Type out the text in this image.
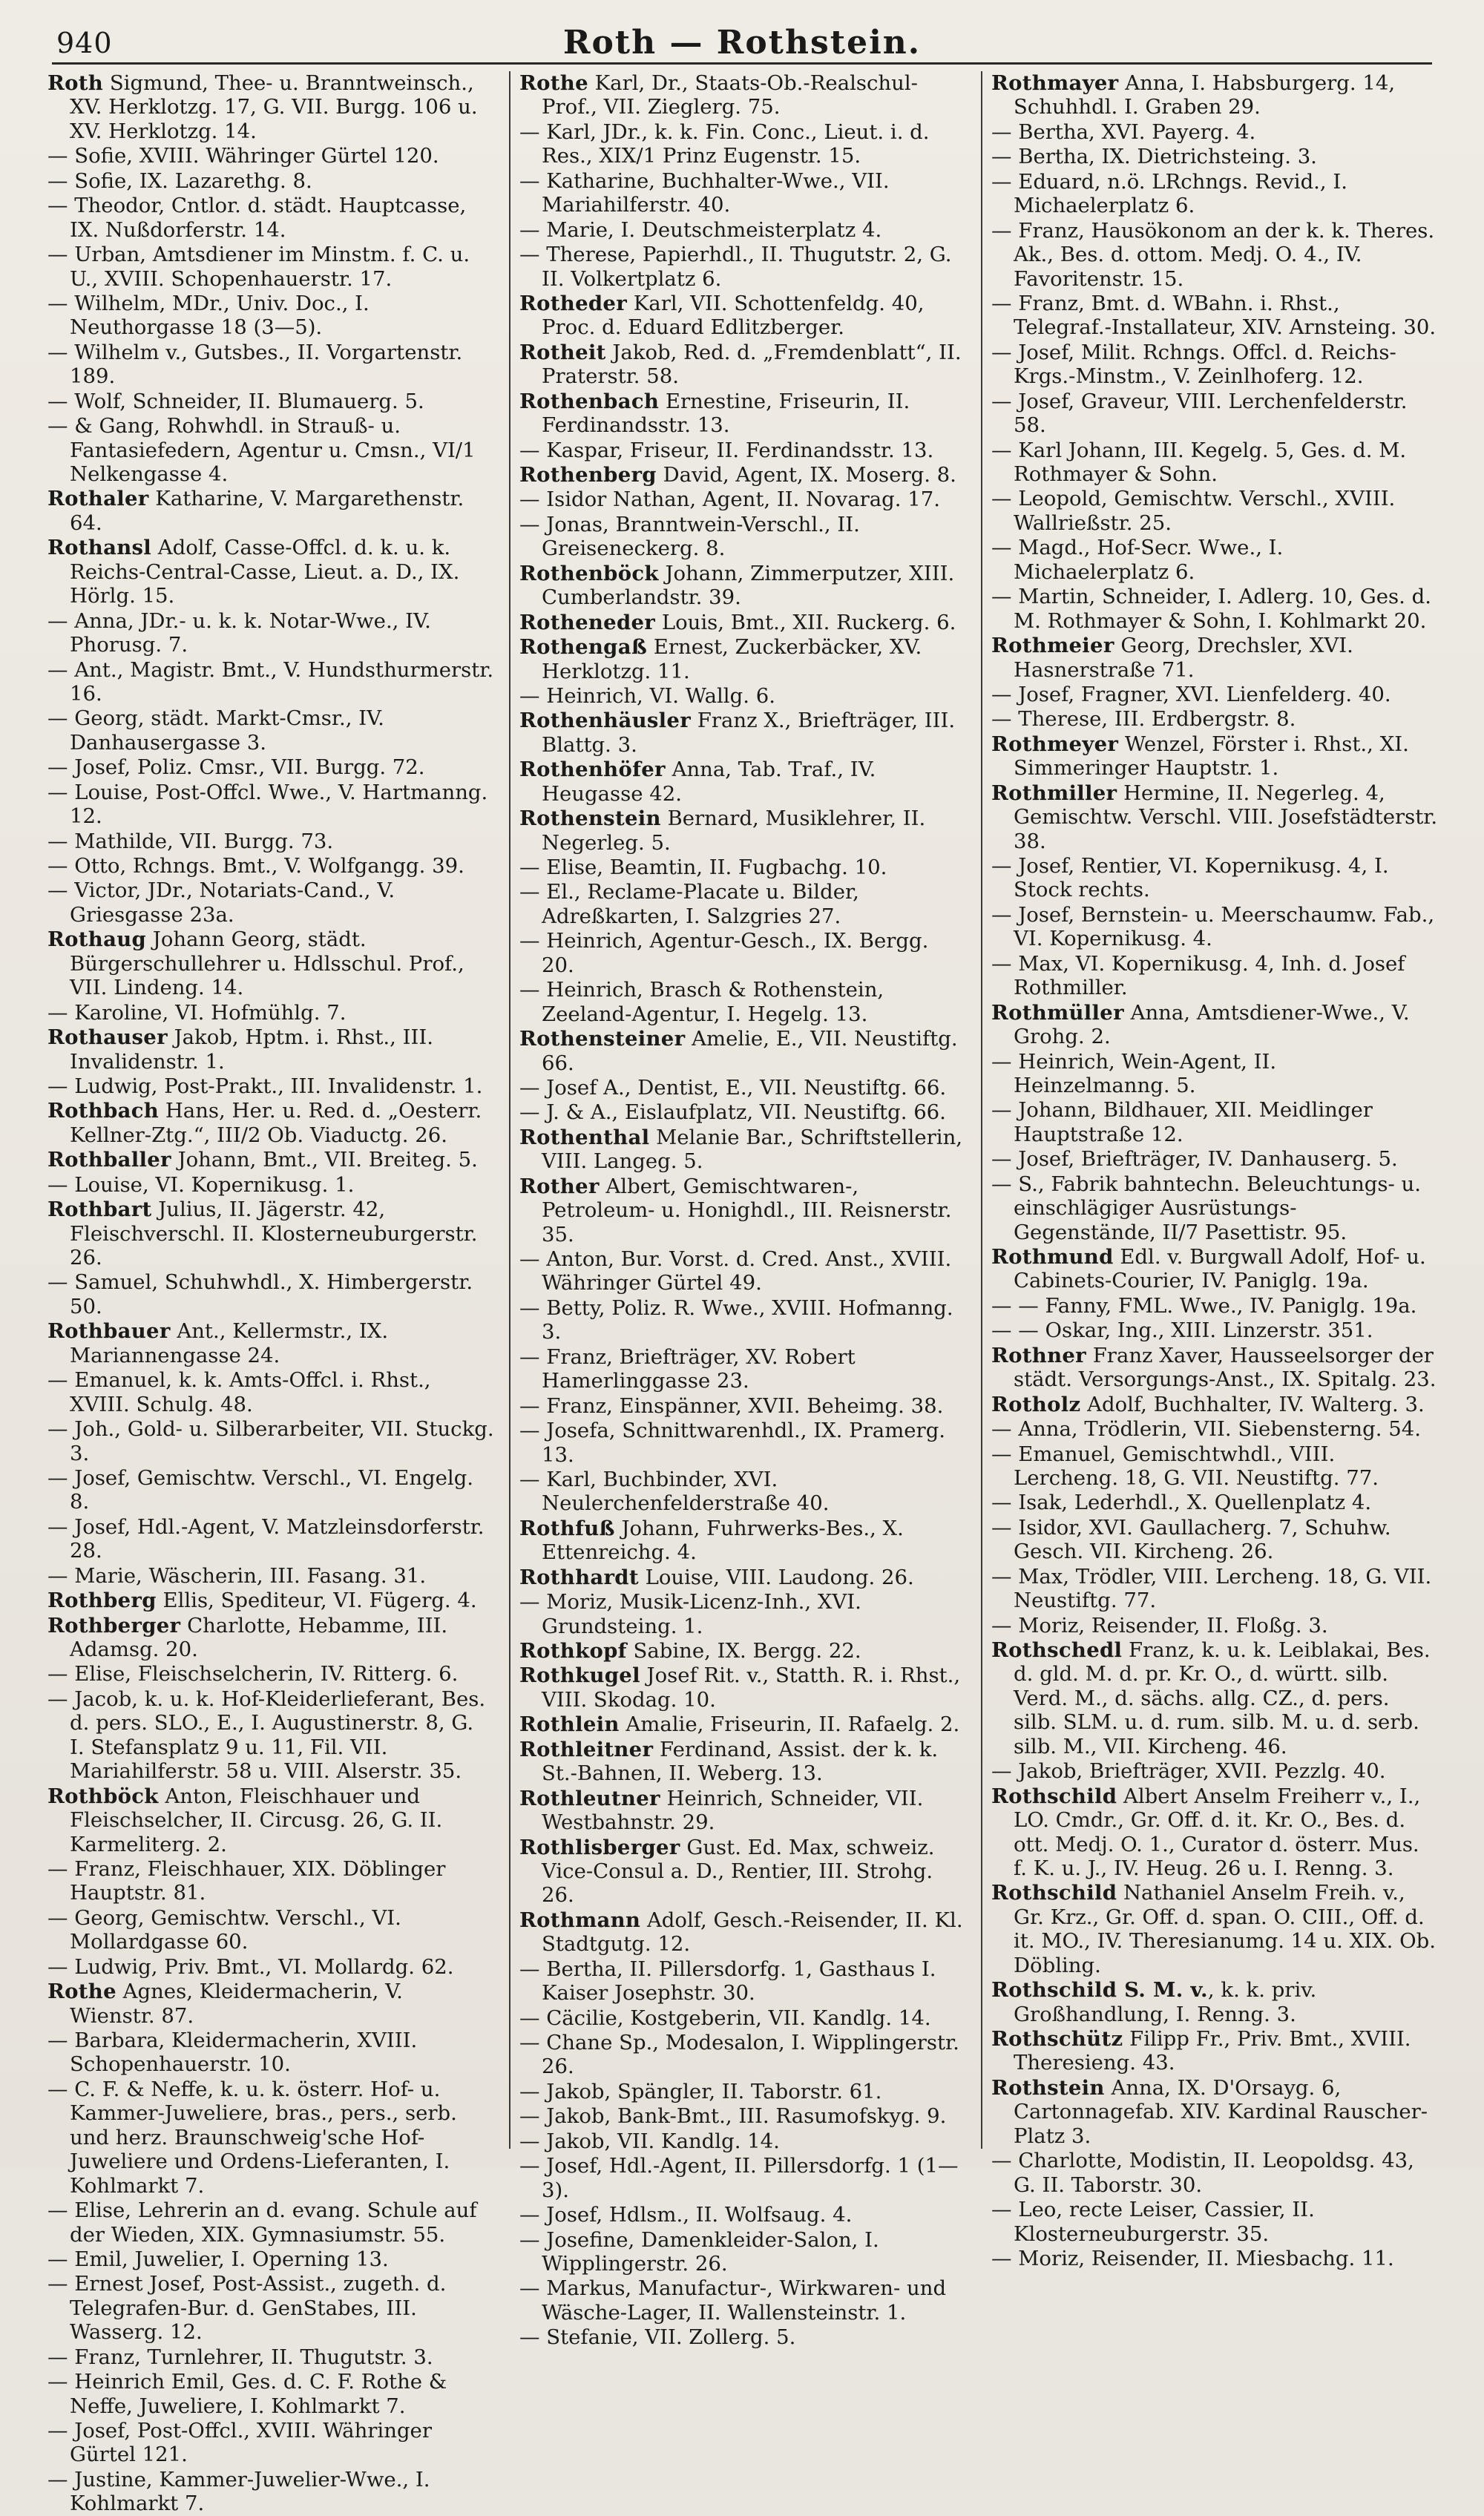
940	Roth — Rothstein.
Roth Sigmund, Thee- u. Branntweinsch., XV. Herklotzg. 17, G. VII. Burgg. 106 u. XV. Herklotzg. 14.
— Sofie, XVIII. Währinger Gürtel 120.
— Sofie, IX. Lazarethg. 8.
— Theodor, Cntlor. d. städt. Hauptcasse, IX. Nußdorferstr. 14.
— Urban, Amtsdiener im Minstm. f. C. u. U., XVIII. Schopenhauerstr. 17.
— Wilhelm, MDr., Univ. Doc., I. Neuthorgasse 18 (3—5).
— Wilhelm v., Gutsbes., II. Vorgartenstr. 189.
— Wolf, Schneider, II. Blumauerg. 5.
— & Gang, Rohwhdl. in Strauß- u. Fantasiefedern, Agentur u. Cmsn., VI/1 Nelkengasse 4.
Rothaler Katharine, V. Margarethenstr. 64.
Rothansl Adolf, Casse-Offcl. d. k. u. k. Reichs-Central-Casse, Lieut. a. D., IX. Hörlg. 15.
— Anna, JDr.- u. k. k. Notar-Wwe., IV. Phorusg. 7.
— Ant., Magistr. Bmt., V. Hundsthurmerstr. 16.
— Georg, städt. Markt-Cmsr., IV. Danhausergasse 3.
— Josef, Poliz. Cmsr., VII. Burgg. 72.
— Louise, Post-Offcl. Wwe., V. Hartmanng. 12.
— Mathilde, VII. Burgg. 73.
— Otto, Rchngs. Bmt., V. Wolfgangg. 39.
— Victor, JDr., Notariats-Cand., V. Griesgasse 23a.
Rothaug Johann Georg, städt. Bürgerschullehrer u. Hdlsschul. Prof., VII. Lindeng. 14.
— Karoline, VI. Hofmühlg. 7.
Rothauser Jakob, Hptm. i. Rhst., III. Invalidenstr. 1.
— Ludwig, Post-Prakt., III. Invalidenstr. 1.
Rothbach Hans, Her. u. Red. d. „Oesterr. Kellner-Ztg.“, III/2 Ob. Viaductg. 26.
Rothballer Johann, Bmt., VII. Breiteg. 5.
— Louise, VI. Kopernikusg. 1.
Rothbart Julius, II. Jägerstr. 42, Fleischverschl. II. Klosterneuburgerstr. 26.
— Samuel, Schuhwhdl., X. Himbergerstr. 50.
Rothbauer Ant., Kellermstr., IX. Mariannengasse 24.
— Emanuel, k. k. Amts-Offcl. i. Rhst., XVIII. Schulg. 48.
— Joh., Gold- u. Silberarbeiter, VII. Stuckg. 3.
— Josef, Gemischtw. Verschl., VI. Engelg. 8.
— Josef, Hdl.-Agent, V. Matzleinsdorferstr. 28.
— Marie, Wäscherin, III. Fasang. 31.
Rothberg Ellis, Spediteur, VI. Fügerg. 4.
Rothberger Charlotte, Hebamme, III. Adamsg. 20.
— Elise, Fleischselcherin, IV. Ritterg. 6.
— Jacob, k. u. k. Hof-Kleiderlieferant, Bes. d. pers. SLO., E., I. Augustinerstr. 8, G. I. Stefansplatz 9 u. 11, Fil. VII. Mariahilferstr. 58 u. VIII. Alserstr. 35.
Rothböck Anton, Fleischhauer und Fleischselcher, II. Circusg. 26, G. II. Karmeliterg. 2.
— Franz, Fleischhauer, XIX. Döblinger Hauptstr. 81.
— Georg, Gemischtw. Verschl., VI. Mollardgasse 60.
— Ludwig, Priv. Bmt., VI. Mollardg. 62.
Rothe Agnes, Kleidermacherin, V. Wienstr. 87.
— Barbara, Kleidermacherin, XVIII. Schopenhauerstr. 10.
— C. F. & Neffe, k. u. k. österr. Hof- u. Kammer-Juweliere, bras., pers., serb. und herz. Braunschweig'sche Hof-Juweliere und Ordens-Lieferanten, I. Kohlmarkt 7.
— Elise, Lehrerin an d. evang. Schule auf der Wieden, XIX. Gymnasiumstr. 55.
— Emil, Juwelier, I. Operning 13.
— Ernest Josef, Post-Assist., zugeth. d. Telegrafen-Bur. d. GenStabes, III. Wasserg. 12.
— Franz, Turnlehrer, II. Thugutstr. 3.
— Heinrich Emil, Ges. d. C. F. Rothe & Neffe, Juweliere, I. Kohlmarkt 7.
— Josef, Post-Offcl., XVIII. Währinger Gürtel 121.
— Justine, Kammer-Juwelier-Wwe., I. Kohlmarkt 7.
Rothe Karl, Dr., Staats-Ob.-Realschul-Prof., VII. Zieglerg. 75.
— Karl, JDr., k. k. Fin. Conc., Lieut. i. d. Res., XIX/1 Prinz Eugenstr. 15.
— Katharine, Buchhalter-Wwe., VII. Mariahilferstr. 40.
— Marie, I. Deutschmeisterplatz 4.
— Therese, Papierhdl., II. Thugutstr. 2, G. II. Volkertplatz 6.
Rotheder Karl, VII. Schottenfeldg. 40, Proc. d. Eduard Edlitzberger.
Rotheit Jakob, Red. d. „Fremdenblatt“, II. Praterstr. 58.
Rothenbach Ernestine, Friseurin, II. Ferdinandsstr. 13.
— Kaspar, Friseur, II. Ferdinandsstr. 13.
Rothenberg David, Agent, IX. Moserg. 8.
— Isidor Nathan, Agent, II. Novarag. 17.
— Jonas, Branntwein-Verschl., II. Greiseneckerg. 8.
Rothenböck Johann, Zimmerputzer, XIII. Cumberlandstr. 39.
Rotheneder Louis, Bmt., XII. Ruckerg. 6.
Rothengaß Ernest, Zuckerbäcker, XV. Herklotzg. 11.
— Heinrich, VI. Wallg. 6.
Rothenhäusler Franz X., Briefträger, III. Blattg. 3.
Rothenhöfer Anna, Tab. Traf., IV. Heugasse 42.
Rothenstein Bernard, Musiklehrer, II. Negerleg. 5.
— Elise, Beamtin, II. Fugbachg. 10.
— El., Reclame-Placate u. Bilder, Adreßkarten, I. Salzgries 27.
— Heinrich, Agentur-Gesch., IX. Bergg. 20.
— Heinrich, Brasch & Rothenstein, Zeeland-Agentur, I. Hegelg. 13.
Rothensteiner Amelie, E., VII. Neustiftg. 66.
— Josef A., Dentist, E., VII. Neustiftg. 66.
— J. & A., Eislaufplatz, VII. Neustiftg. 66.
Rothenthal Melanie Bar., Schriftstellerin, VIII. Langeg. 5.
Rother Albert, Gemischtwaren-, Petroleum- u. Honighdl., III. Reisnerstr. 35.
— Anton, Bur. Vorst. d. Cred. Anst., XVIII. Währinger Gürtel 49.
— Betty, Poliz. R. Wwe., XVIII. Hofmanng. 3.
— Franz, Briefträger, XV. Robert Hamerlinggasse 23.
— Franz, Einspänner, XVII. Beheimg. 38.
— Josefa, Schnittwarenhdl., IX. Pramerg. 13.
— Karl, Buchbinder, XVI. Neulerchenfelderstraße 40.
Rothfuß Johann, Fuhrwerks-Bes., X. Ettenreichg. 4.
Rothhardt Louise, VIII. Laudong. 26.
— Moriz, Musik-Licenz-Inh., XVI. Grundsteing. 1.
Rothkopf Sabine, IX. Bergg. 22.
Rothkugel Josef Rit. v., Statth. R. i. Rhst., VIII. Skodag. 10.
Rothlein Amalie, Friseurin, II. Rafaelg. 2.
Rothleitner Ferdinand, Assist. der k. k. St.-Bahnen, II. Weberg. 13.
Rothleutner Heinrich, Schneider, VII. Westbahnstr. 29.
Rothlisberger Gust. Ed. Max, schweiz. Vice-Consul a. D., Rentier, III. Strohg. 26.
Rothmann Adolf, Gesch.-Reisender, II. Kl. Stadtgutg. 12.
— Bertha, II. Pillersdorfg. 1, Gasthaus I. Kaiser Josephstr. 30.
— Cäcilie, Kostgeberin, VII. Kandlg. 14.
— Chane Sp., Modesalon, I. Wipplingerstr. 26.
— Jakob, Spängler, II. Taborstr. 61.
— Jakob, Bank-Bmt., III. Rasumofskyg. 9.
— Jakob, VII. Kandlg. 14.
— Josef, Hdl.-Agent, II. Pillersdorfg. 1 (1—3).
— Josef, Hdlsm., II. Wolfsaug. 4.
— Josefine, Damenkleider-Salon, I. Wipplingerstr. 26.
— Markus, Manufactur-, Wirkwaren- und Wäsche-Lager, II. Wallensteinstr. 1.
— Stefanie, VII. Zollerg. 5.
Rothmayer Anna, I. Habsburgerg. 14, Schuhhdl. I. Graben 29.
— Bertha, XVI. Payerg. 4.
— Bertha, IX. Dietrichsteing. 3.
— Eduard, n.ö. LRchngs. Revid., I. Michaelerplatz 6.
— Franz, Hausökonom an der k. k. Theres. Ak., Bes. d. ottom. Medj. O. 4., IV. Favoritenstr. 15.
— Franz, Bmt. d. WBahn. i. Rhst., Telegraf.-Installateur, XIV. Arnsteing. 30.
— Josef, Milit. Rchngs. Offcl. d. Reichs-Krgs.-Minstm., V. Zeinlhoferg. 12.
— Josef, Graveur, VIII. Lerchenfelderstr. 58.
— Karl Johann, III. Kegelg. 5, Ges. d. M. Rothmayer & Sohn.
— Leopold, Gemischtw. Verschl., XVIII. Wallrießstr. 25.
— Magd., Hof-Secr. Wwe., I. Michaelerplatz 6.
— Martin, Schneider, I. Adlerg. 10, Ges. d. M. Rothmayer & Sohn, I. Kohlmarkt 20.
Rothmeier Georg, Drechsler, XVI. Hasnerstraße 71.
— Josef, Fragner, XVI. Lienfelderg. 40.
— Therese, III. Erdbergstr. 8.
Rothmeyer Wenzel, Förster i. Rhst., XI. Simmeringer Hauptstr. 1.
Rothmiller Hermine, II. Negerleg. 4, Gemischtw. Verschl. VIII. Josefstädterstr. 38.
— Josef, Rentier, VI. Kopernikusg. 4, I. Stock rechts.
— Josef, Bernstein- u. Meerschaumw. Fab., VI. Kopernikusg. 4.
— Max, VI. Kopernikusg. 4, Inh. d. Josef Rothmiller.
Rothmüller Anna, Amtsdiener-Wwe., V. Grohg. 2.
— Heinrich, Wein-Agent, II. Heinzelmanng. 5.
— Johann, Bildhauer, XII. Meidlinger Hauptstraße 12.
— Josef, Briefträger, IV. Danhauserg. 5.
— S., Fabrik bahntechn. Beleuchtungs- u. einschlägiger Ausrüstungs-Gegenstände, II/7 Pasettistr. 95.
Rothmund Edl. v. Burgwall Adolf, Hof- u. Cabinets-Courier, IV. Paniglg. 19a.
— — Fanny, FML. Wwe., IV. Paniglg. 19a.
— — Oskar, Ing., XIII. Linzerstr. 351.
Rothner Franz Xaver, Hausseelsorger der städt. Versorgungs-Anst., IX. Spitalg. 23.
Rotholz Adolf, Buchhalter, IV. Walterg. 3.
— Anna, Trödlerin, VII. Siebensterng. 54.
— Emanuel, Gemischtwhdl., VIII. Lercheng. 18, G. VII. Neustiftg. 77.
— Isak, Lederhdl., X. Quellenplatz 4.
— Isidor, XVI. Gaullacherg. 7, Schuhw. Gesch. VII. Kircheng. 26.
— Max, Trödler, VIII. Lercheng. 18, G. VII. Neustiftg. 77.
— Moriz, Reisender, II. Floßg. 3.
Rothschedl Franz, k. u. k. Leiblakai, Bes. d. gld. M. d. pr. Kr. O., d. württ. silb. Verd. M., d. sächs. allg. CZ., d. pers. silb. SLM. u. d. rum. silb. M. u. d. serb. silb. M., VII. Kircheng. 46.
— Jakob, Briefträger, XVII. Pezzlg. 40.
Rothschild Albert Anselm Freiherr v., I., LO. Cmdr., Gr. Off. d. it. Kr. O., Bes. d. ott. Medj. O. 1., Curator d. österr. Mus. f. K. u. J., IV. Heug. 26 u. I. Renng. 3.
Rothschild Nathaniel Anselm Freih. v., Gr. Krz., Gr. Off. d. span. O. CIII., Off. d. it. MO., IV. Theresianumg. 14 u. XIX. Ob. Döbling.
Rothschild S. M. v., k. k. priv. Großhandlung, I. Renng. 3.
Rothschütz Filipp Fr., Priv. Bmt., XVIII. Theresieng. 43.
Rothstein Anna, IX. D'Orsayg. 6, Cartonnagefab. XIV. Kardinal Rauscher-Platz 3.
— Charlotte, Modistin, II. Leopoldsg. 43, G. II. Taborstr. 30.
— Leo, recte Leiser, Cassier, II. Klosterneuburgerstr. 35.
— Moriz, Reisender, II. Miesbachg. 11.
